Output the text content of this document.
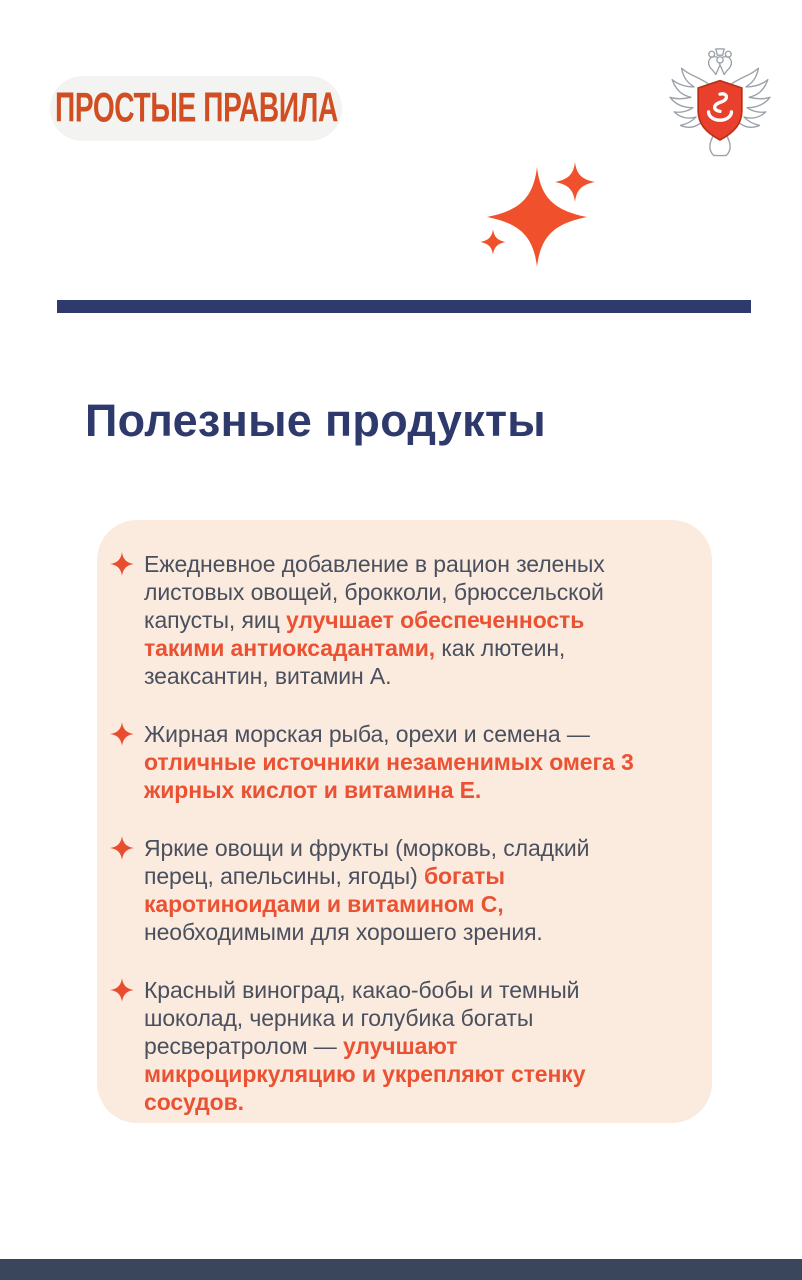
ПРОСТЫЕ ПРАВИЛА
Полезные продукты

Ежедневное добавление в рацион зеленых листовых овощей, брокколи, брюссельской капусты, яиц улучшает обеспеченность такими антиоксадантами, как лютеин, зеаксантин, витамин А.

Жирная морская рыба, орехи и семена — отличные источники незаменимых омега 3 жирных кислот и витамина Е.

Яркие овощи и фрукты (морковь, сладкий перец, апельсины, ягоды) богаты каротиноидами и витамином С, необходимыми для хорошего зрения.

Красный виноград, какао-бобы и темный шоколад, черника и голубика богаты ресвератролом — улучшают микроциркуляцию и укрепляют стенку сосудов.
